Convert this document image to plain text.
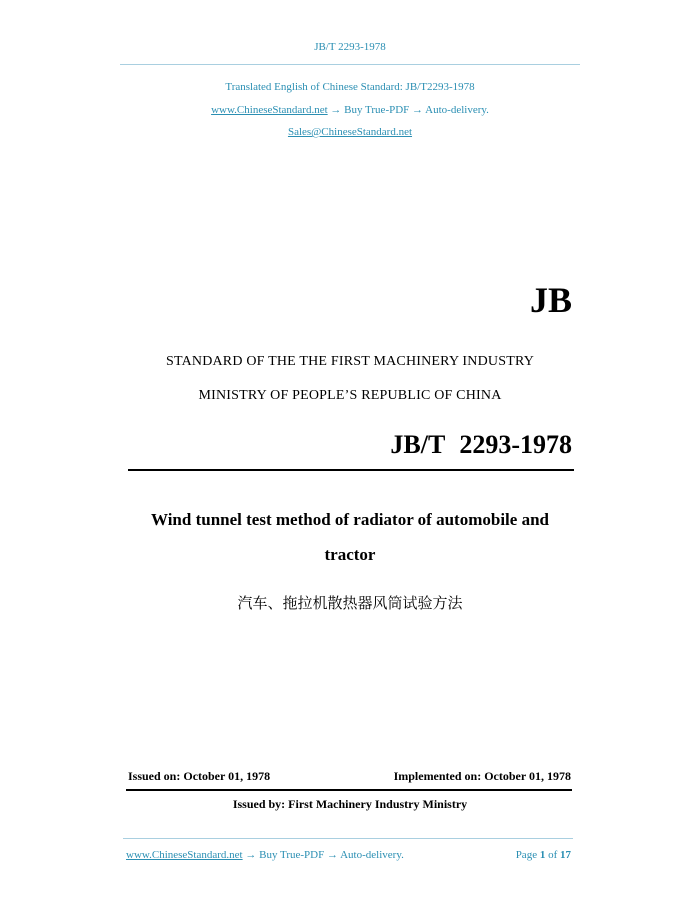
JB/T 2293-1978
Translated English of Chinese Standard: JB/T2293-1978
www.ChineseStandard.net → Buy True-PDF → Auto-delivery.
Sales@ChineseStandard.net
JB
STANDARD OF THE THE FIRST MACHINERY INDUSTRY
MINISTRY OF PEOPLE’S REPUBLIC OF CHINA
JB/T 2293-1978
Wind tunnel test method of radiator of automobile and
tractor
汽车、拖拉机散热器风筒试验方法
Issued on: October 01, 1978	Implemented on: October 01, 1978
Issued by: First Machinery Industry Ministry
www.ChineseStandard.net → Buy True-PDF → Auto-delivery.	Page 1 of 17
